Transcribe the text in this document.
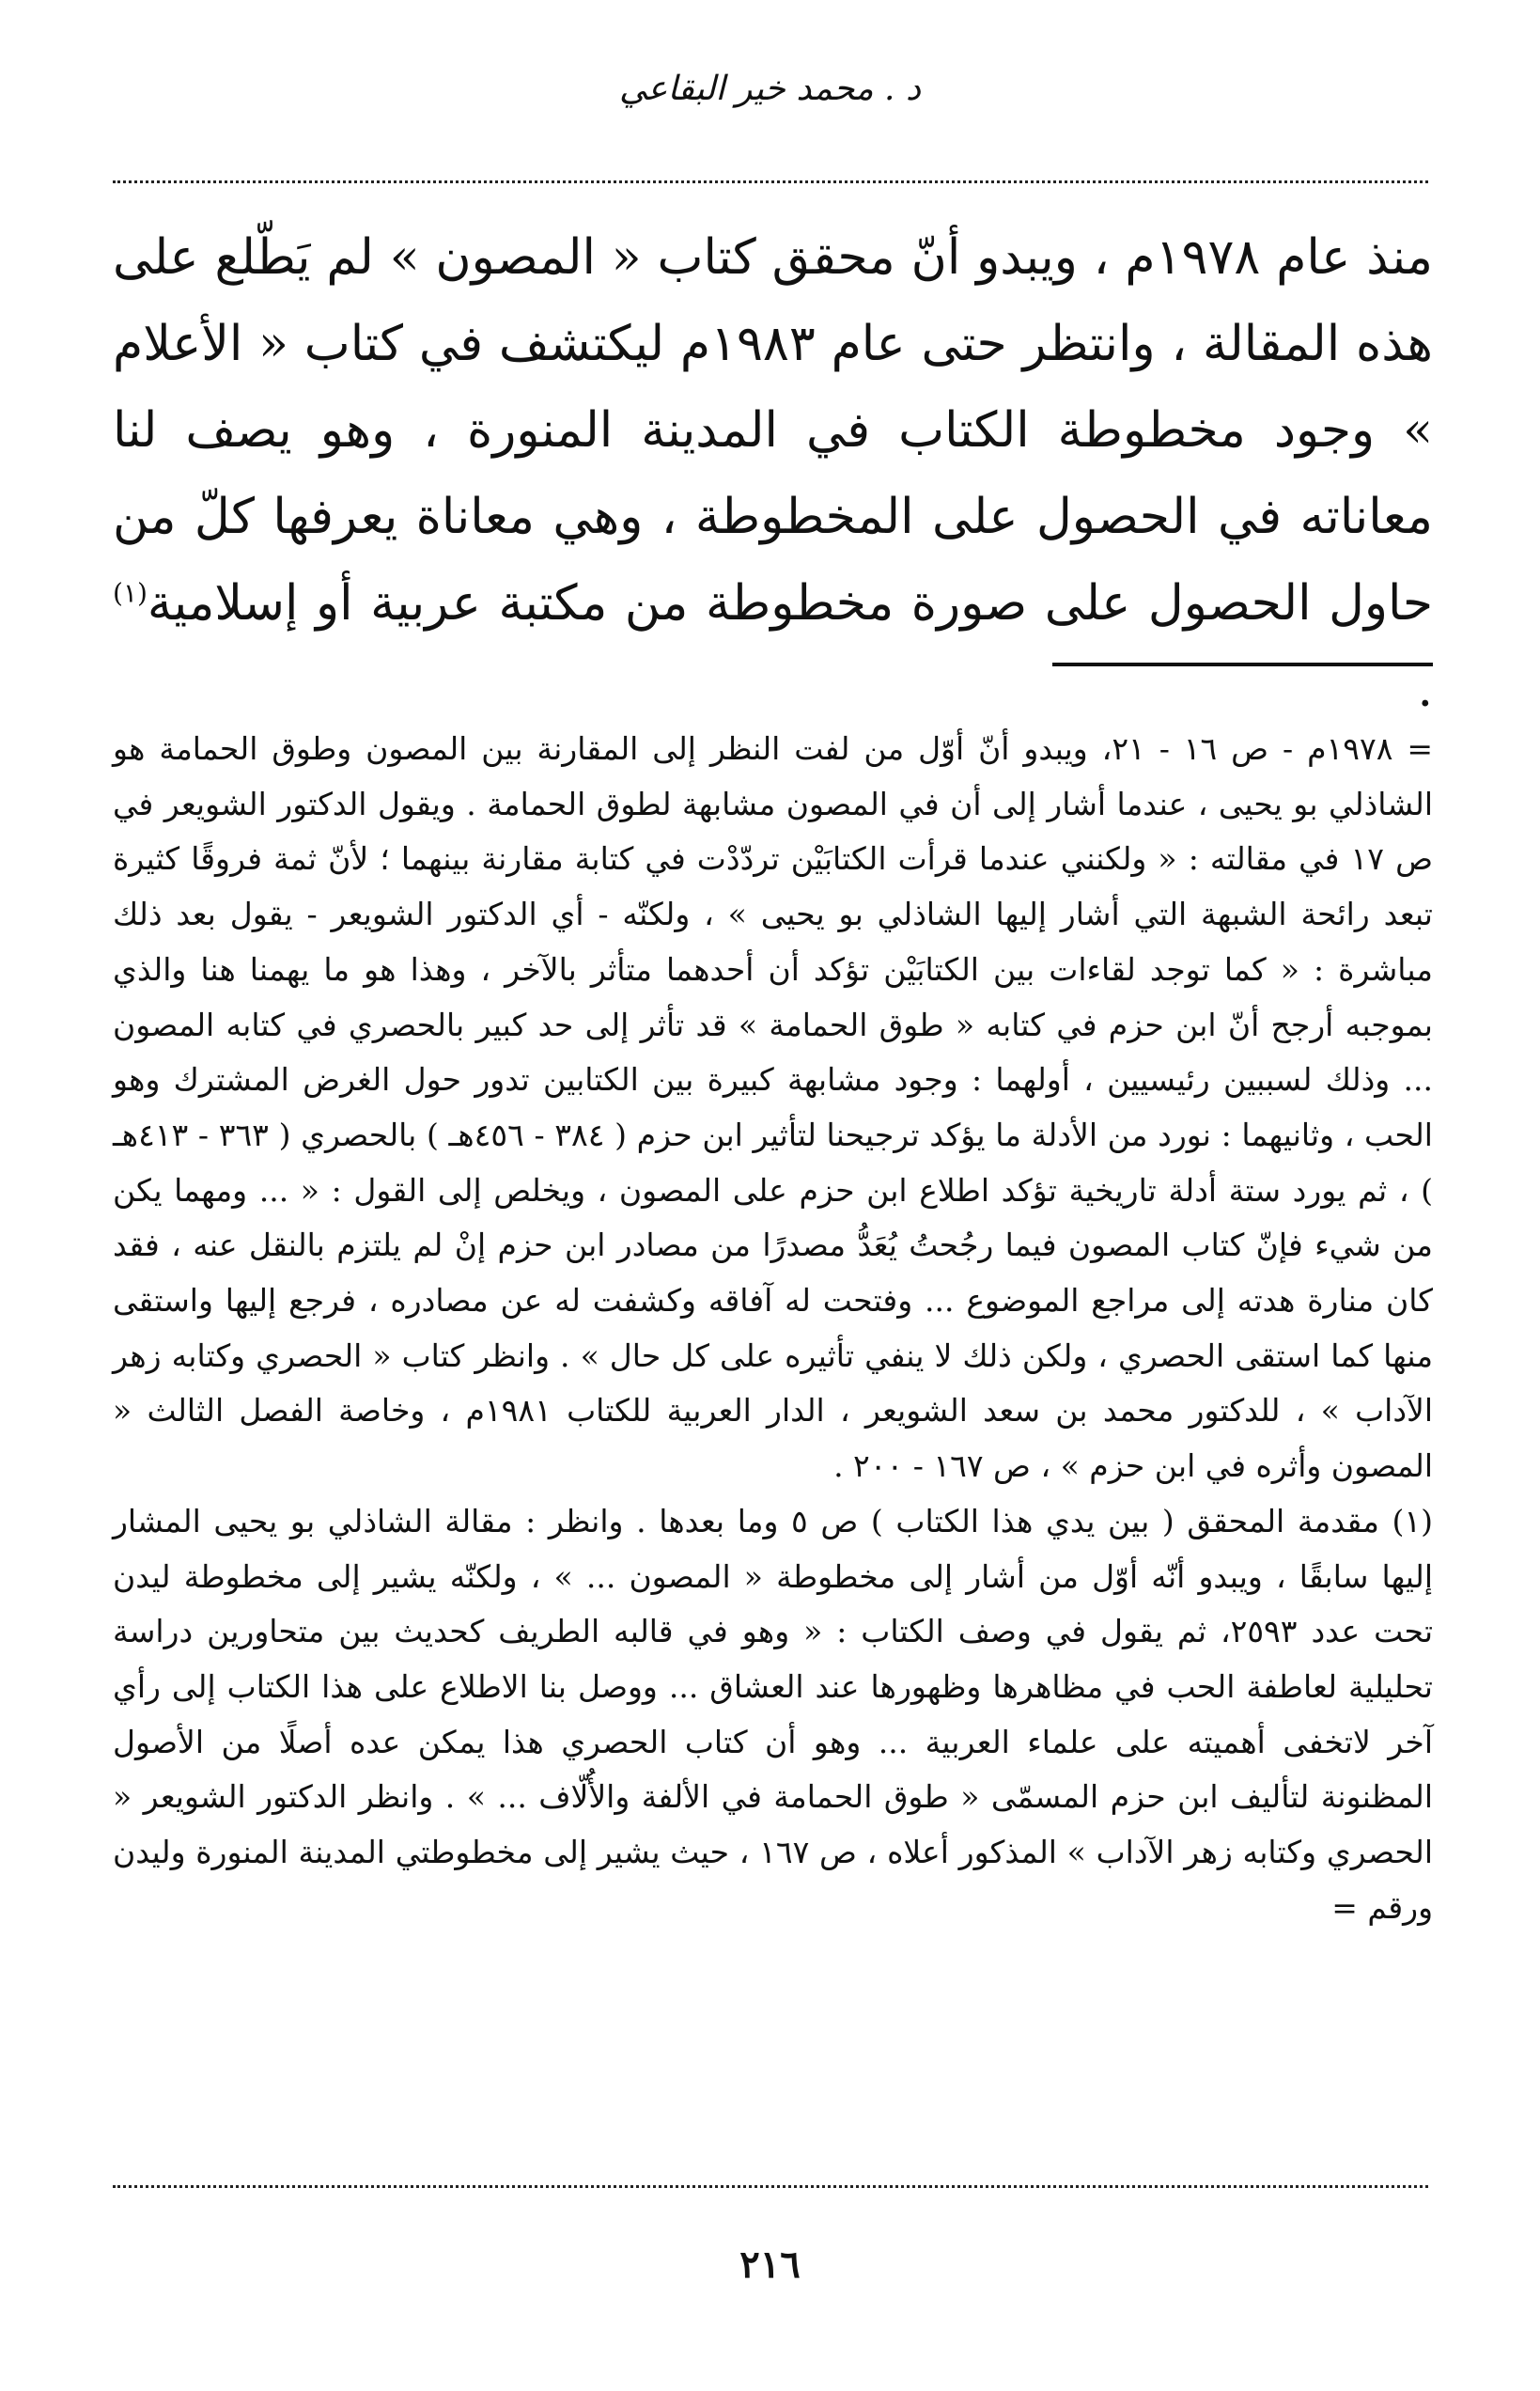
د . محمد خير البقاعي

منذ عام ١٩٧٨م ، ويبدو أنّ محقق كتاب « المصون » لم يَطّلع على هذه المقالة ، وانتظر حتى عام ١٩٨٣م ليكتشف في كتاب « الأعلام » وجود مخطوطة الكتاب في المدينة المنورة ، وهو يصف لنا معاناته في الحصول على المخطوطة ، وهي معاناة يعرفها كلّ من حاول الحصول على صورة مخطوطة من مكتبة عربية أو إسلامية$^{(١)}$ .

= ١٩٧٨م - ص ١٦ - ٢١، ويبدو أنّ أوّل من لفت النظر إلى المقارنة بين المصون وطوق الحمامة هو الشاذلي بو يحيى ، عندما أشار إلى أن في المصون مشابهة لطوق الحمامة . ويقول الدكتور الشويعر في ص ١٧ في مقالته : « ولكنني عندما قرأت الكتابَيْن تردّدْت في كتابة مقارنة بينهما ؛ لأنّ ثمة فروقًا كثيرة تبعد رائحة الشبهة التي أشار إليها الشاذلي بو يحيى » ، ولكنّه - أي الدكتور الشويعر - يقول بعد ذلك مباشرة : « كما توجد لقاءات بين الكتابَيْن تؤكد أن أحدهما متأثر بالآخر ، وهذا هو ما يهمنا هنا والذي بموجبه أرجح أنّ ابن حزم في كتابه « طوق الحمامة » قد تأثر إلى حد كبير بالحصري في كتابه المصون ... وذلك لسببين رئيسيين ، أولهما : وجود مشابهة كبيرة بين الكتابين تدور حول الغرض المشترك وهو الحب ، وثانيهما : نورد من الأدلة ما يؤكد ترجيحنا لتأثير ابن حزم ( ٣٨٤ - ٤٥٦هـ ) بالحصري ( ٣٦٣ - ٤١٣هـ ) ، ثم يورد ستة أدلة تاريخية تؤكد اطلاع ابن حزم على المصون ، ويخلص إلى القول : « ... ومهما يكن من شيء فإنّ كتاب المصون فيما رجُحتُ يُعَدُّ مصدرًا من مصادر ابن حزم إنْ لم يلتزم بالنقل عنه ، فقد كان منارة هدته إلى مراجع الموضوع ... وفتحت له آفاقه وكشفت له عن مصادره ، فرجع إليها واستقى منها كما استقى الحصري ، ولكن ذلك لا ينفي تأثيره على كل حال » . وانظر كتاب « الحصري وكتابه زهر الآداب » ، للدكتور محمد بن سعد الشويعر ، الدار العربية للكتاب ١٩٨١م ، وخاصة الفصل الثالث « المصون وأثره في ابن حزم » ، ص ١٦٧ - ٢٠٠ .

(١) مقدمة المحقق ( بين يدي هذا الكتاب ) ص ٥ وما بعدها . وانظر : مقالة الشاذلي بو يحيى المشار إليها سابقًا ، ويبدو أنّه أوّل من أشار إلى مخطوطة « المصون ... » ، ولكنّه يشير إلى مخطوطة ليدن تحت عدد ٢٥٩٣، ثم يقول في وصف الكتاب : « وهو في قالبه الطريف كحديث بين متحاورين دراسة تحليلية لعاطفة الحب في مظاهرها وظهورها عند العشاق ... ووصل بنا الاطلاع على هذا الكتاب إلى رأي آخر لاتخفى أهميته على علماء العربية ... وهو أن كتاب الحصري هذا يمكن عده أصلًا من الأصول المظنونة لتأليف ابن حزم المسمّى « طوق الحمامة في الألفة والأُلّاف ... » . وانظر الدكتور الشويعر « الحصري وكتابه زهر الآداب » المذكور أعلاه ، ص ١٦٧ ، حيث يشير إلى مخطوطتي المدينة المنورة وليدن ورقم =

٢١٦
